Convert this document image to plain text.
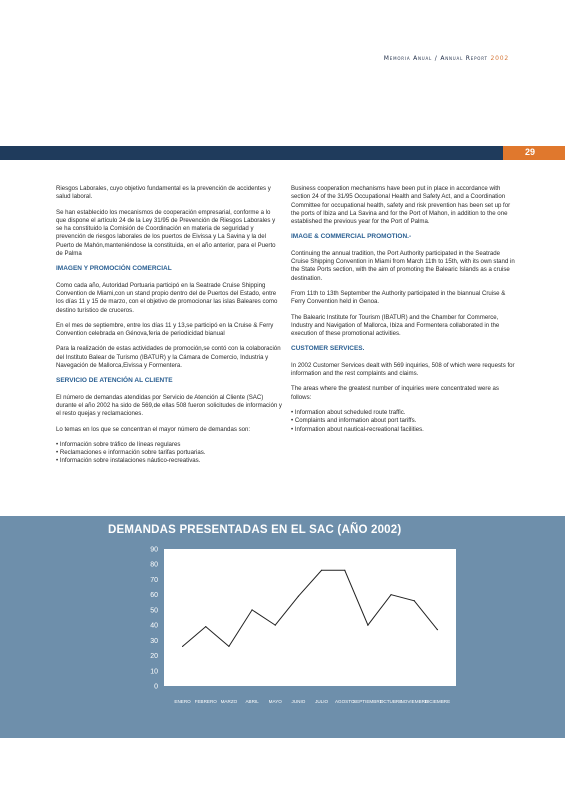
Memoria Anual / Annual Report 2002
29

Riesgos Laborales, cuyo objetivo fundamental es la prevención de accidentes y salud laboral.

Se han establecido los mecanismos de cooperación empresarial, conforme a lo que dispone el artículo 24 de la Ley 31/95 de Prevención de Riesgos Laborales y se ha constituido la Comisión de Coordinación en materia de seguridad y prevención de riesgos laborales de los puertos de Eivissa y La Savina y la del Puerto de Mahón,manteniéndose la constituida, en el año anterior, para el Puerto de Palma

IMAGEN Y PROMOCIÓN COMERCIAL

Como cada año, Autoridad Portuaria participó en la Seatrade Cruise Shipping Convention de Miami,con un stand propio dentro del de Puertos del Estado, entre los días 11 y 15 de marzo, con el objetivo de promocionar las islas Baleares como destino turístico de cruceros.

En el mes de septiembre, entre los días 11 y 13,se participó en la Cruise & Ferry Convention celebrada en Génova,feria de periodicidad bianual

Para la realización de estas actividades de promoción,se contó con la colaboración del Instituto Balear de Turismo (IBATUR) y la Cámara de Comercio, Industria y Navegación de Mallorca,Eivissa y Formentera.

SERVICIO DE ATENCIÓN AL CLIENTE

El número de demandas atendidas por Servicio de Atención al Cliente (SAC) durante el año 2002 ha sido de 569,de ellas 508 fueron solicitudes de información y el resto quejas y reclamaciones.

Lo temas en los que se concentran el mayor número de demandas son:

• Información sobre tráfico de líneas regulares
• Reclamaciones e información sobre tarifas portuarias.
• Información sobre instalaciones náutico-recreativas.

Business cooperation mechanisms have been put in place in accordance with section 24 of the 31/95 Occupational Health and Safety Act, and a Coordination Committee for occupational health, safety and risk prevention has been set up for the ports of Ibiza and La Savina and for the Port of Mahon, in addition to the one established the previous year for the Port of Palma.

IMAGE & COMMERCIAL PROMOTION.-

Continuing the annual tradition, the Port Authority participated in the Seatrade Cruise Shipping Convention in Miami from March 11th to 15th, with its own stand in the State Ports section, with the aim of promoting the Balearic Islands as a cruise destination.

From 11th to 13th September the Authority participated in the biannual Cruise & Ferry Convention held in Genoa.

The Balearic Institute for Tourism (IBATUR) and the Chamber for Commerce, Industry and Navigation of Mallorca, Ibiza and Formentera collaborated in the execution of these promotional activities.

CUSTOMER SERVICES.

In 2002 Customer Services dealt with 569 inquiries, 508 of which were requests for information and the rest complaints and claims.

The areas where the greatest number of inquiries were concentrated were as follows:

• Information about scheduled route traffic.
• Complaints and information about port tariffs.
• Information about nautical-recreational facilities.
DEMANDAS PRESENTADAS EN EL SAC (AÑO 2002)
0
10
20
30
40
50
60
70
80
90
ENERO FEBRERO MARZO ABRIL MAYO JUNIO JULIO AGOSTO
SEPTIEMBRE
OCTUBRE
NOVIEMBRE
DICIEMBRE
